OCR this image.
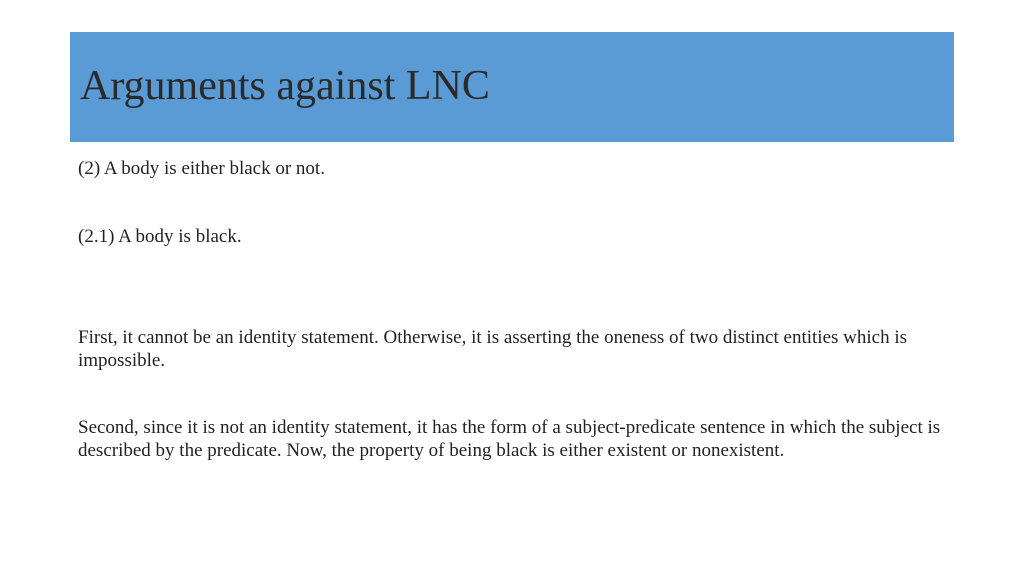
Arguments against LNC

(2) A body is either black or not.

(2.1) A body is black.

First, it cannot be an identity statement. Otherwise, it is asserting the oneness of two distinct entities which is impossible.

Second, since it is not an identity statement, it has the form of a subject-predicate sentence in which the subject is described by the predicate. Now, the property of being black is either existent or nonexistent.
